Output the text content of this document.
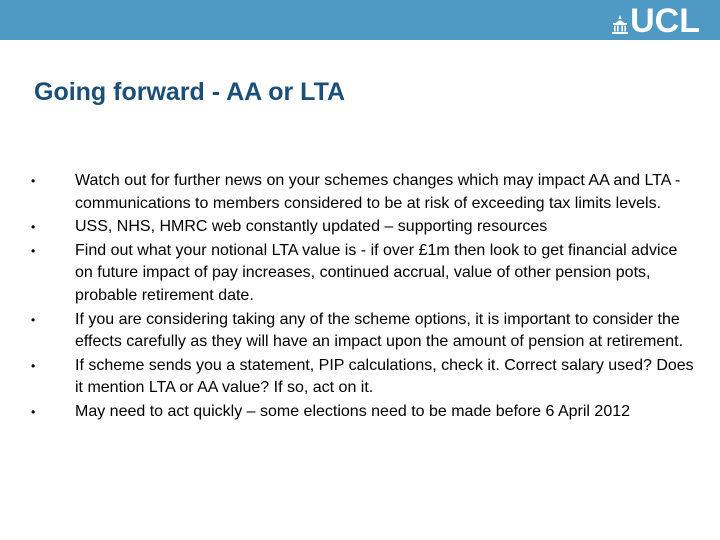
UCL
Going forward - AA or LTA
• Watch out for further news on your schemes changes which may impact AA and LTA - communications to members considered to be at risk of exceeding tax limits levels.
• USS, NHS, HMRC web constantly updated – supporting resources
• Find out what your notional LTA value is - if over £1m then look to get financial advice on future impact of pay increases, continued accrual, value of other pension pots, probable retirement date.
• If you are considering taking any of the scheme options, it is important to consider the effects carefully as they will have an impact upon the amount of pension at retirement.
• If scheme sends you a statement, PIP calculations, check it. Correct salary used? Does it mention LTA or AA value? If so, act on it.
• May need to act quickly – some elections need to be made before 6 April 2012
